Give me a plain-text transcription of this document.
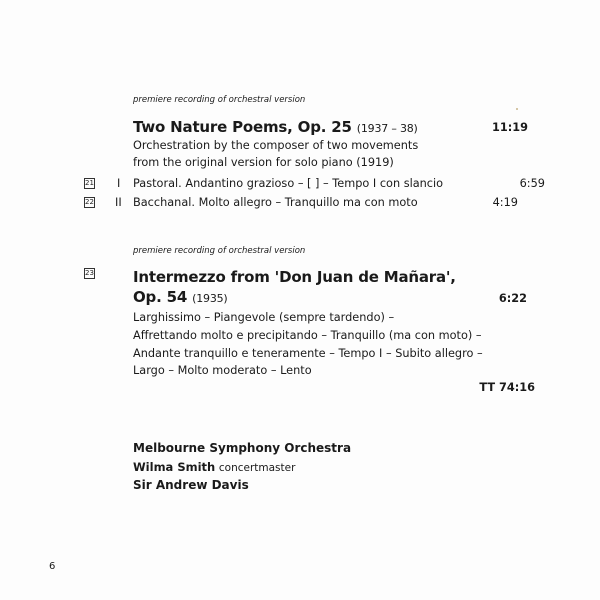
premiere recording of orchestral version
Two Nature Poems, Op. 25 (1937 – 38)	11:19
Orchestration by the composer of two movements
from the original version for solo piano (1919)
21 I Pastoral. Andantino grazioso – [ ] – Tempo I con slancio	6:59
22 II Bacchanal. Molto allegro – Tranquillo ma con moto	4:19
premiere recording of orchestral version
23	Intermezzo from 'Don Juan de Mañara',
Op. 54 (1935)	6:22
Larghissimo – Piangevole (sempre tardendo) –
Affrettando molto e precipitando – Tranquillo (ma con moto) –
Andante tranquillo e teneramente – Tempo I – Subito allegro –
Largo – Molto moderato – Lento
TT 74:16
Melbourne Symphony Orchestra
Wilma Smith concertmaster
Sir Andrew Davis
6
